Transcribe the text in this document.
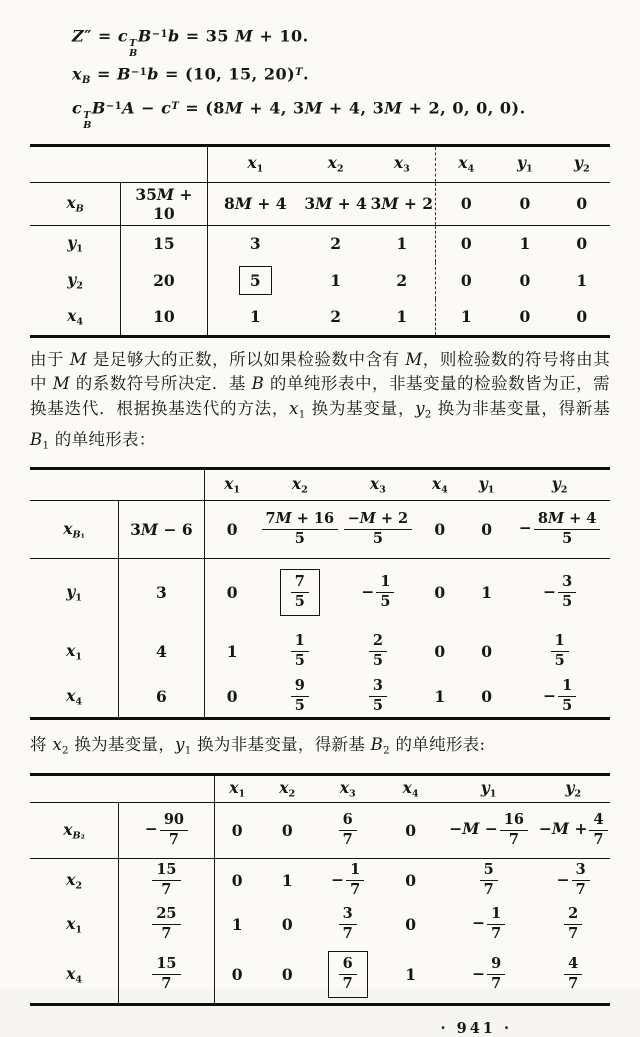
Z″ = c T
B
$B^{-1}b = 35$ M + 10.
$x_B = B^{-1}b = (10$, 15, 20)$^T$.
c T
B
$B^{-1}A - c^T = (8M + 4$, 3M + 4, 3M + 2, 0, 0, 0).
		$x_1$	$x_2$	$x_3$	$x_4$	$y_1$	$y_2$
$x_B$	35M + 10	8M + 4	3M + 4	3M + 2	0	0	0
$y_1$	15	3	2	1	0	1	0
$y_2$	20	5	1	2	0	0	1
$x_4$	10	1	2	1	1	0	0

由于 M 是足够大的正数，所以如果检验数中含有 M，则检验数的符号将由其中 M 的系数符号所决定．基 B 的单纯形表中，非基变量的检验数皆为正，需换基迭代．根据换基迭代的方法，$x_1$ 换为基变量，$y_2$ 换为非基变量，得新基 $B_1$ 的单纯形表：

		$x_1$	$x_2$	$x_3$	$x_4$	$y_1$	$y_2$
$x_{B_1}$	3M − 6	0	$\frac{7M + 16}{5}$	$\frac{-M + 2}{5}$	0	0	− $\frac{8M + 4}{5}$

$y_1$	3	0	$\frac{7}{5}$	− $\frac{1}{5}$	0	1	− $\frac{3}{5}$

$x_1$	4	1	$\frac{1}{5}$	$\frac{2}{5}$	0	0	$\frac{1}{5}$

$x_4$	6	0	$\frac{9}{5}$	$\frac{3}{5}$	1	0	− $\frac{1}{5}$

将 $x_2$ 换为基变量，$y_1$ 换为非基变量，得新基 $B_2$ 的单纯形表:

		$x_1$	$x_2$	$x_3$	$x_4$	$y_1$	$y_2$
$x_{B_2}$	− $\frac{90}{7}$	0	0	$\frac{6}{7}$	0	$-M - \frac{16}{7}$	$-M + \frac{4}{7}$

$x_2$	$\frac{15}{7}$	0	1	− $\frac{1}{7}$	0	$\frac{5}{7}$	− $\frac{3}{7}$

$x_1$	$\frac{25}{7}$	1	0	$\frac{3}{7}$	0	− $\frac{1}{7}$	$\frac{2}{7}$

$x_4$	$\frac{15}{7}$	0	0	$\frac{6}{7}$	1	− $\frac{9}{7}$	$\frac{4}{7}$
· 941 ·
